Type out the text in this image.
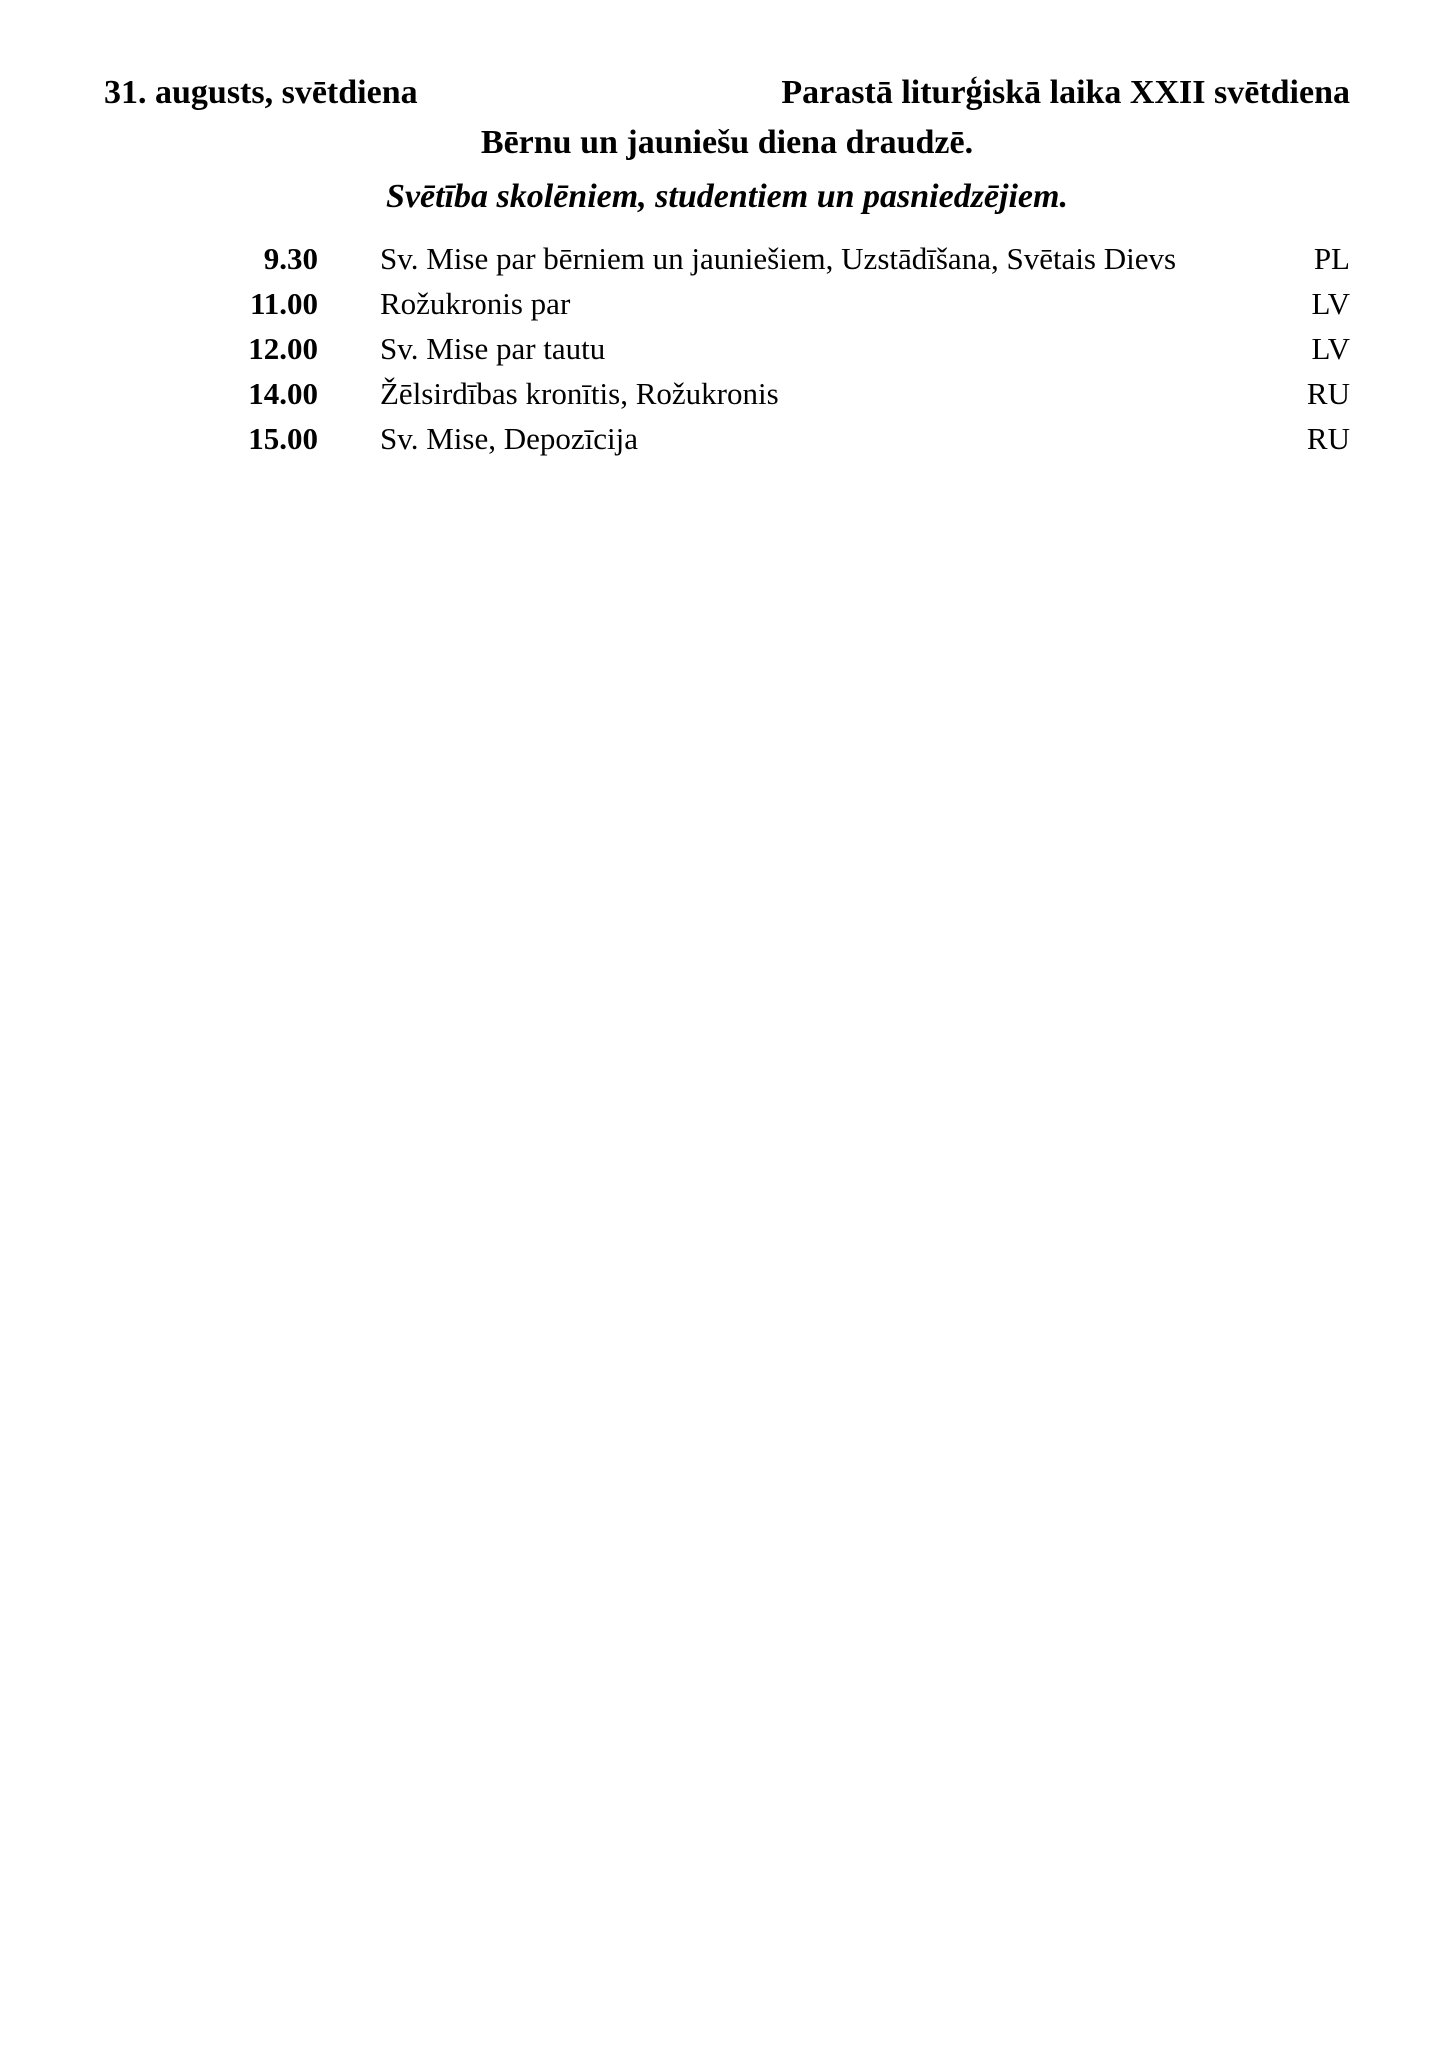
31. augusts, svētdiena	Parastā liturģiskā laika XXII svētdiena
Bērnu un jauniešu diena draudzē.
Svētība skolēniem, studentiem un pasniedzējiem.
9.30 Sv. Mise par bērniem un jauniešiem, Uzstādīšana, Svētais Dievs	PL
11.00 Rožukronis par	LV
12.00 Sv. Mise par tautu	LV
14.00 Žēlsirdības kronītis, Rožukronis	RU
15.00 Sv. Mise, Depozīcija	RU
